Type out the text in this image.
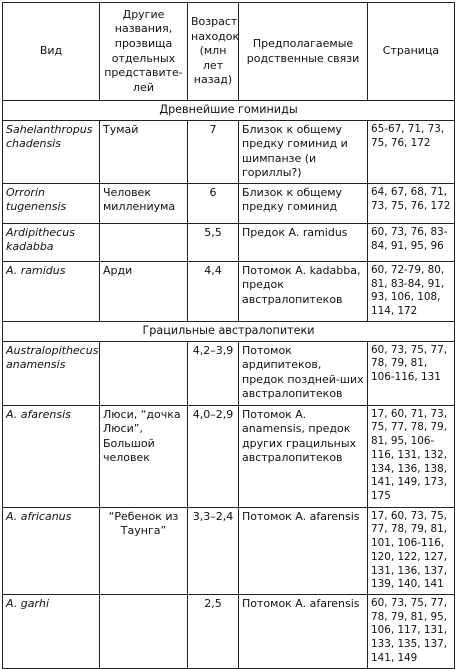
Вид	Другие названия, прозвища отдельных представите-лей	Возраст находок (млн лет назад)	Предполагаемые родственные связи	Страница
Древнейшие гоминиды				
Sahelanthropus chadensis	Тумай	7	Близок к общему предку гоминид и шимпанзе (и гориллы?)	65-67, 71, 73, 75, 76, 172
Orrorin tugenensis	Человек миллениума	6	Близок к общему предку гоминид	64, 67, 68, 71, 73, 75, 76, 172
Ardipithecus kadabba		5,5	Предок A. ramidus	60, 73, 76, 83-84, 91, 95, 96
A. ramidus	Арди	4,4	Потомок A. kadabba, предок австралопитеков	60, 72-79, 80, 81, 83-84, 91, 93, 106, 108, 114, 172
Грацильные австралопитеки				
Australopithecus anamensis		4,2–3,9	Потомок ардипитеков, предок поздней-ших австралопитеков	60, 73, 75, 77, 78, 79, 81, 106-116, 131
A. afarensis	Люси, “дочка Люси”, Большой человек	4,0–2,9	Потомок A. anamensis, предок других грацильных австралопитеков	17, 60, 71, 73, 75, 77, 78, 79, 81, 95, 106-116, 131, 132, 134, 136, 138, 141, 149, 173, 175
A. africanus	“Ребенок из Таунга”	3,3–2,4	Потомок A. afarensis	17, 60, 73, 75, 77, 78, 79, 81, 101, 106-116, 120, 122, 127, 131, 136, 137, 139, 140, 141
A. garhi		2,5	Потомок A. afarensis	60, 73, 75, 77, 78, 79, 81, 95, 106, 117, 131, 133, 135, 137, 141, 149
